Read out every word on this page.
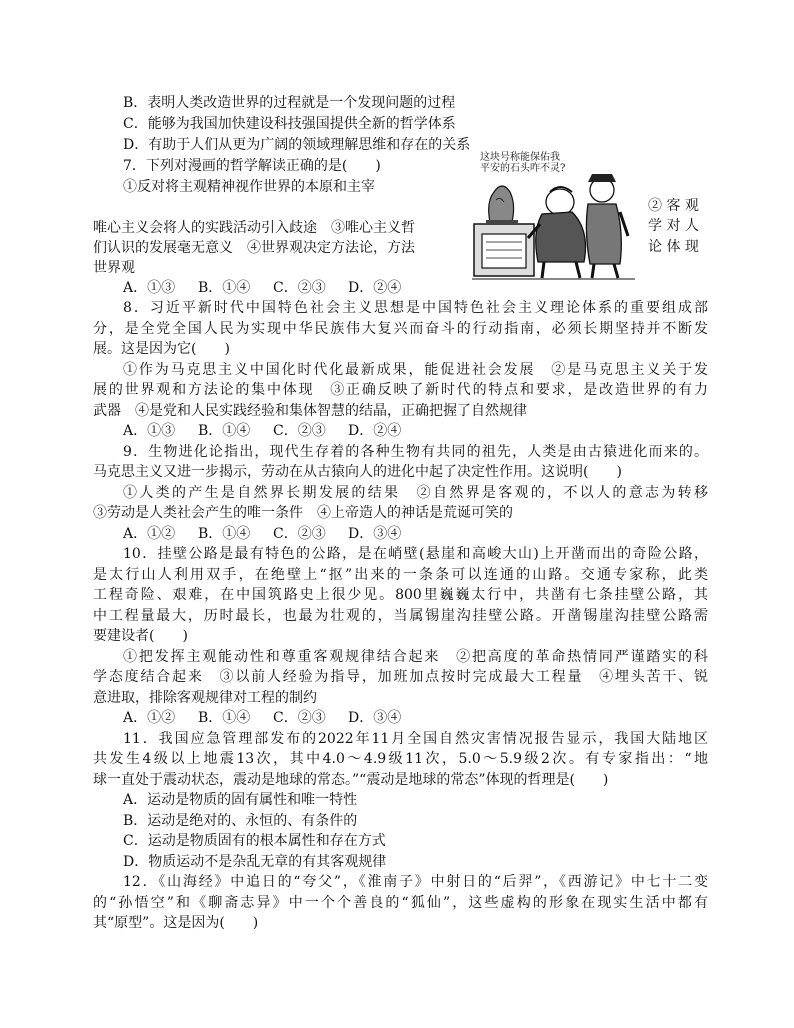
B．表明人类改造世界的过程就是一个发现问题的过程
C．能够为我国加快建设科技强国提供全新的哲学体系
D．有助于人们从更为广阔的领域理解思维和存在的关系
7．下列对漫画的哲学解读正确的是(　　)
①反对将主观精神视作世界的本原和主宰
唯心主义会将人的实践活动引入歧途　③唯心主义哲
们认识的发展毫无意义　④世界观决定方法论，方法
世界观
② 客 观
学 对 人
论 体 现
A．①③ B．①④ C．②③ D．②④
这块号称能保佑我
平安的石头咋不灵?
8．习近平新时代中国特色社会主义思想是中国特色社会主义理论体系的重要组成部
分，是全党全国人民为实现中华民族伟大复兴而奋斗的行动指南，必须长期坚持并不断发
展。这是因为它(　　)
①作为马克思主义中国化时代化最新成果，能促进社会发展　②是马克思主义关于发
展的世界观和方法论的集中体现　③正确反映了新时代的特点和要求，是改造世界的有力
武器　④是党和人民实践经验和集体智慧的结晶，正确把握了自然规律
A．①③ B．①④ C．②③ D．②④
9．生物进化论指出，现代生存着的各种生物有共同的祖先，人类是由古猿进化而来的。
马克思主义又进一步揭示，劳动在从古猿向人的进化中起了决定性作用。这说明(　　)
①人类的产生是自然界长期发展的结果　②自然界是客观的，不以人的意志为转移
③劳动是人类社会产生的唯一条件　④上帝造人的神话是荒诞可笑的
A．①② B．①④ C．②③ D．③④
10．挂壁公路是最有特色的公路，是在峭壁(悬崖和高峻大山)上开凿而出的奇险公路，
是太行山人利用双手，在绝壁上“抠”出来的一条条可以连通的山路。交通专家称，此类
工程奇险、艰难，在中国筑路史上很少见。800里巍巍太行中，共凿有七条挂壁公路，其
中工程量最大，历时最长，也最为壮观的，当属锡崖沟挂壁公路。开凿锡崖沟挂壁公路需
要建设者(　　)
①把发挥主观能动性和尊重客观规律结合起来　②把高度的革命热情同严谨踏实的科
学态度结合起来　③以前人经验为指导，加班加点按时完成最大工程量　④埋头苦干、锐
意进取，排除客观规律对工程的制约
A．①② B．①④ C．②③ D．③④
11．我国应急管理部发布的2022年11月全国自然灾害情况报告显示，我国大陆地区
共发生4级以上地震13次，其中4.0～4.9级11次，5.0～5.9级2次。有专家指出：“地
球一直处于震动状态，震动是地球的常态。”“震动是地球的常态”体现的哲理是(　　)
A．运动是物质的固有属性和唯一特性
B．运动是绝对的、永恒的、有条件的
C．运动是物质固有的根本属性和存在方式
D．物质运动不是杂乱无章的有其客观规律
12．《山海经》中追日的“夸父”，《淮南子》中射日的“后羿”，《西游记》中七十二变
的“孙悟空”和《聊斋志异》中一个个善良的“狐仙”，这些虚构的形象在现实生活中都有
其“原型”。这是因为(　　)
